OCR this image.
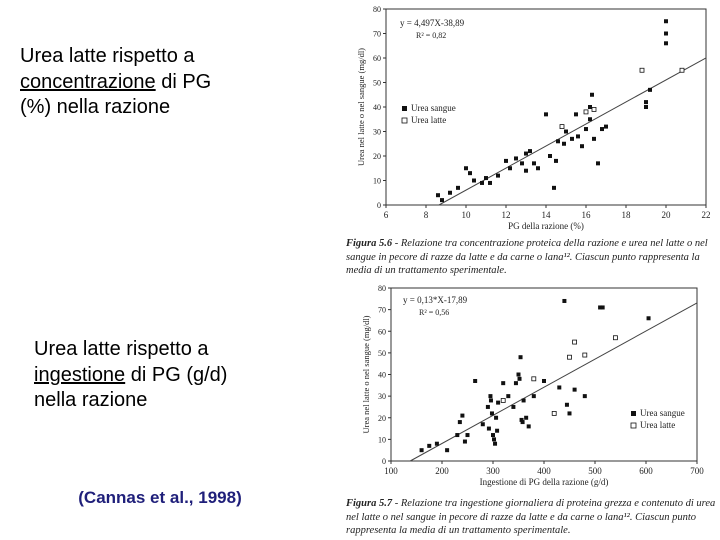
Urea latte rispetto a
concentrazione di PG
(%) nella razione
Urea latte rispetto a
ingestione di PG (g/d)
nella razione
(Cannas et al., 1998)
6	8	10	12	14	16	18	20	22
0
10
20
30
40
50
60
70
80
PG della razione (%)
Urea nel latte o nel sangue (mg/dl)
y = 4,497X-38,89
R² = 0,82
Urea sangue
Urea latte
100	200	300	400	500	600	700
0
10
20
30
40
50
60
70
80
Ingestione di PG della razione (g/d)
Urea nel latte o nel sangue (mg/dl)
y = 0,13*X-17,89
R² = 0,56
Urea sangue
Urea latte
Figura 5.6 - Relazione tra concentrazione proteica della razione e urea nel latte o nel sangue in pecore di razze da latte e da carne o lana¹². Ciascun punto rappresenta la media di un trattamento sperimentale.
Figura 5.7 - Relazione tra ingestione giornaliera di proteina grezza e contenuto di urea nel latte o nel sangue in pecore di razze da latte e da carne o lana¹². Ciascun punto rappresenta la media di un trattamento sperimentale.
